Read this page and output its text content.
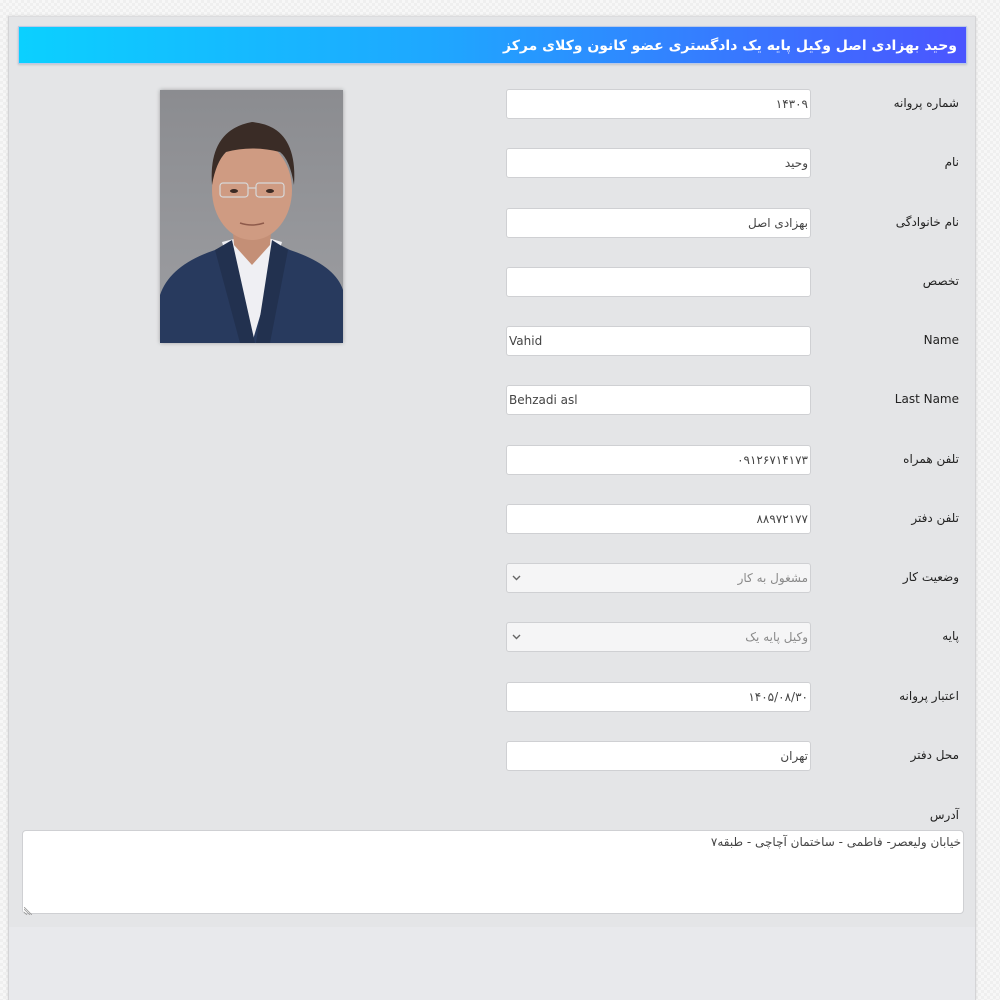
وحید بهزادی اصل وکیل پایه یک دادگستری عضو کانون وکلای مرکز
شماره پروانه
۱۴۳۰۹
نام
وحید
نام خانوادگی
بهزادی اصل
تخصص
Name
Vahid
Last Name
Behzadi asl
تلفن همراه
۰۹۱۲۶۷۱۴۱۷۳
تلفن دفتر
۸۸۹۷۲۱۷۷
وضعیت کار
مشغول به کار
پایه
وکیل پایه یک
اعتبار پروانه
۱۴۰۵/۰۸/۳۰
محل دفتر
تهران
آدرس
خیابان ولیعصر- فاطمی - ساختمان آچاچی - طبقه۷
